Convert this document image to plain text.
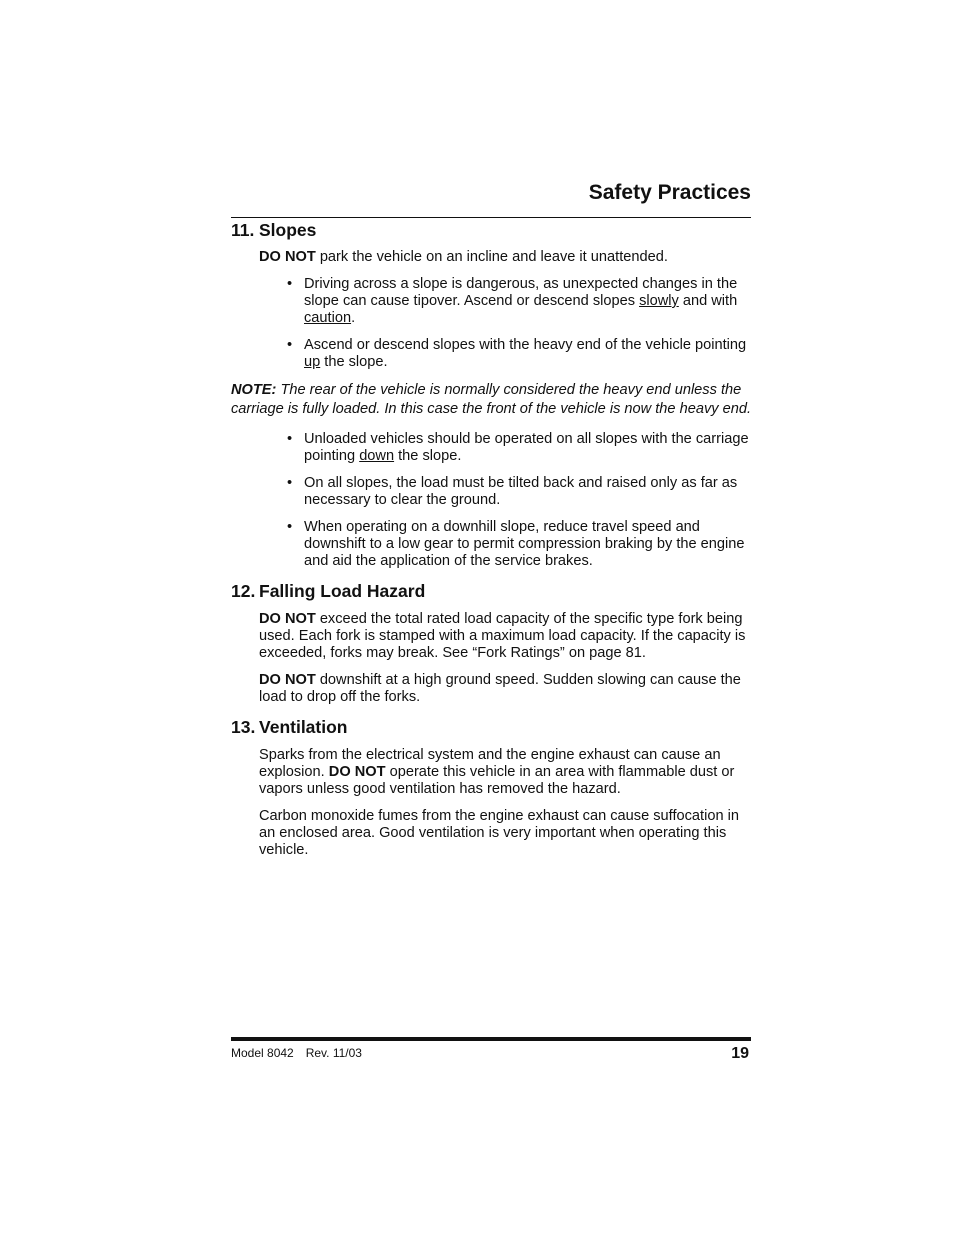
Safety Practices
11. Slopes

DO NOT park the vehicle on an incline and leave it unattended.

• Driving across a slope is dangerous, as unexpected changes in the slope can cause tipover. Ascend or descend slopes slowly and with caution.
• Ascend or descend slopes with the heavy end of the vehicle pointing up the slope.

NOTE: The rear of the vehicle is normally considered the heavy end unless the carriage is fully loaded. In this case the front of the vehicle is now the heavy end.

• Unloaded vehicles should be operated on all slopes with the carriage pointing down the slope.
• On all slopes, the load must be tilted back and raised only as far as necessary to clear the ground.
• When operating on a downhill slope, reduce travel speed and downshift to a low gear to permit compression braking by the engine and aid the application of the service brakes.
12. Falling Load Hazard

DO NOT exceed the total rated load capacity of the specific type fork being used. Each fork is stamped with a maximum load capacity. If the capacity is exceeded, forks may break. See “Fork Ratings” on page 81.

DO NOT downshift at a high ground speed. Sudden slowing can cause the load to drop off the forks.

13. Ventilation

Sparks from the electrical system and the engine exhaust can cause an explosion. DO NOT operate this vehicle in an area with flammable dust or vapors unless good ventilation has removed the hazard.

Carbon monoxide fumes from the engine exhaust can cause suffocation in an enclosed area. Good ventilation is very important when operating this vehicle.

Model 8042 Rev. 11/03	19
